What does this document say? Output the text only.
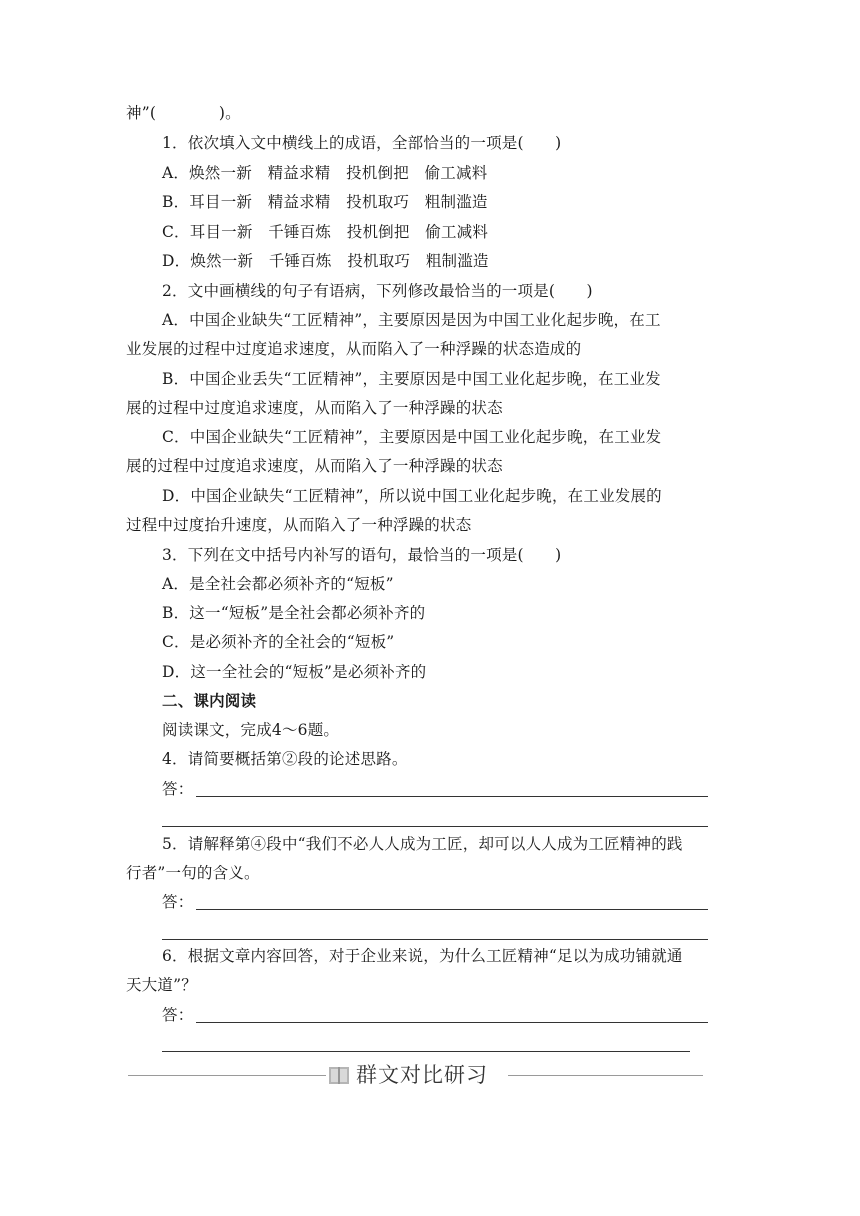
神”(　　　　)。
1．依次填入文中横线上的成语，全部恰当的一项是(　　)
A．焕然一新　精益求精　投机倒把　偷工减料
B．耳目一新　精益求精　投机取巧　粗制滥造
C．耳目一新　千锤百炼　投机倒把　偷工减料
D．焕然一新　千锤百炼　投机取巧　粗制滥造
2．文中画横线的句子有语病，下列修改最恰当的一项是(　　)
A．中国企业缺失“工匠精神”，主要原因是因为中国工业化起步晚，在工
业发展的过程中过度追求速度，从而陷入了一种浮躁的状态造成的
B．中国企业丢失“工匠精神”，主要原因是中国工业化起步晚，在工业发
展的过程中过度追求速度，从而陷入了一种浮躁的状态
C．中国企业缺失“工匠精神”，主要原因是中国工业化起步晚，在工业发
展的过程中过度追求速度，从而陷入了一种浮躁的状态
D．中国企业缺失“工匠精神”，所以说中国工业化起步晚，在工业发展的
过程中过度抬升速度，从而陷入了一种浮躁的状态
3．下列在文中括号内补写的语句，最恰当的一项是(　　)
A．是全社会都必须补齐的“短板”
B．这一“短板”是全社会都必须补齐的
C．是必须补齐的全社会的“短板”
D．这一全社会的“短板”是必须补齐的
二、课内阅读
阅读课文，完成4～6题。
4．请简要概括第②段的论述思路。
答：
5．请解释第④段中“我们不必人人成为工匠，却可以人人成为工匠精神的践
行者”一句的含义。
答：
6．根据文章内容回答，对于企业来说，为什么工匠精神“足以为成功铺就通
天大道”？
答：
群文对比研习
